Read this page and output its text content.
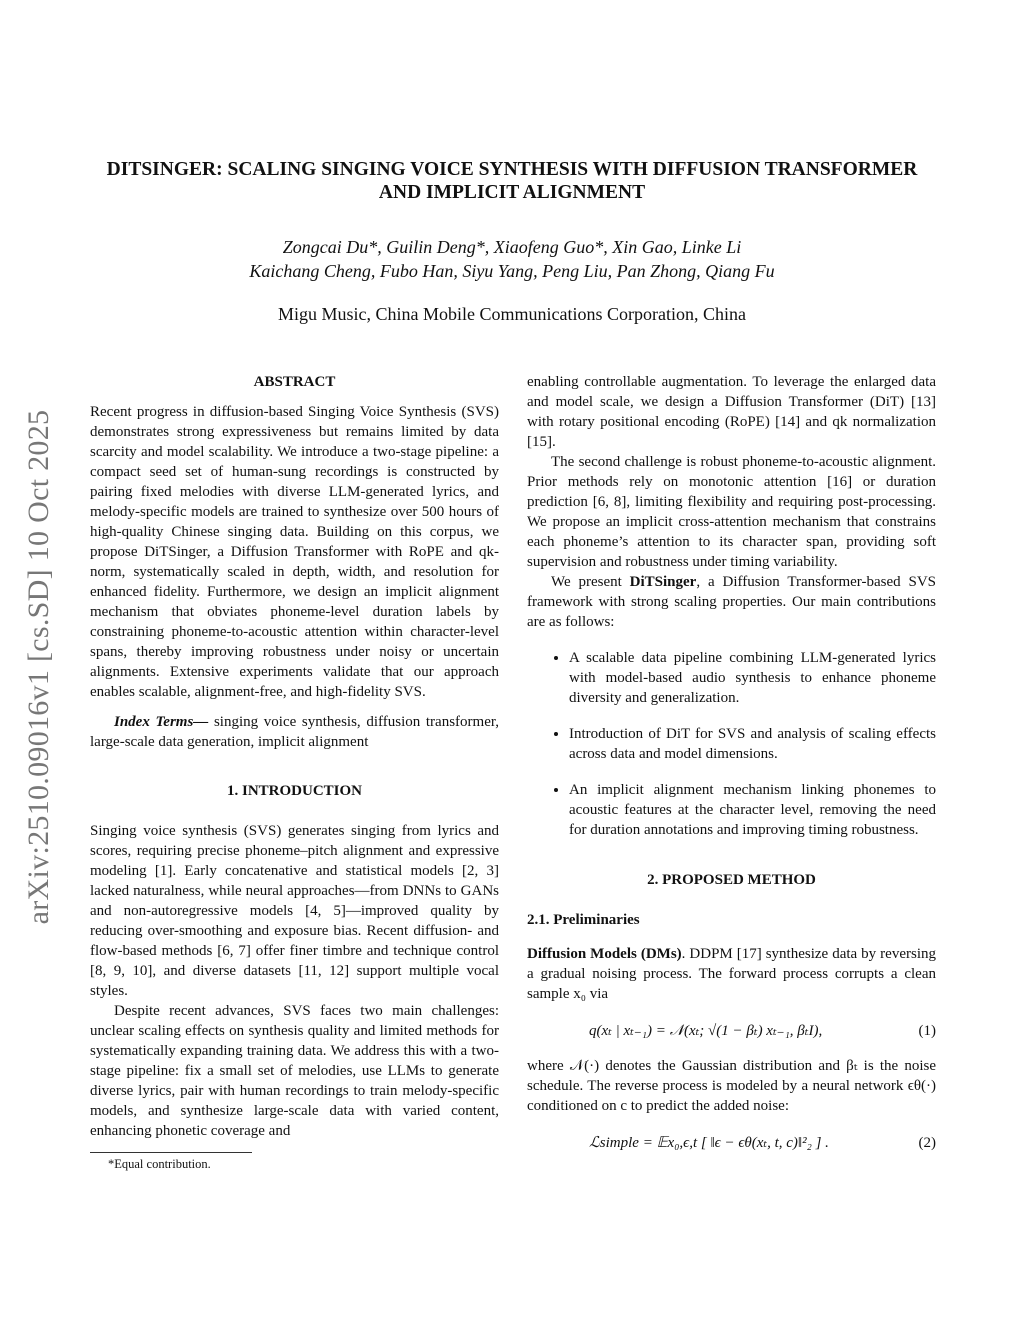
arXiv:2510.09016v1 [cs.SD] 10 Oct 2025
DITSINGER: SCALING SINGING VOICE SYNTHESIS WITH DIFFUSION TRANSFORMER
AND IMPLICIT ALIGNMENT
Zongcai Du*, Guilin Deng*, Xiaofeng Guo*, Xin Gao, Linke Li
Kaichang Cheng, Fubo Han, Siyu Yang, Peng Liu, Pan Zhong, Qiang Fu
Migu Music, China Mobile Communications Corporation, China
ABSTRACT

Recent progress in diffusion-based Singing Voice Synthesis (SVS) demonstrates strong expressiveness but remains limited by data scarcity and model scalability. We introduce a two-stage pipeline: a compact seed set of human-sung recordings is constructed by pairing fixed melodies with diverse LLM-generated lyrics, and melody-specific models are trained to synthesize over 500 hours of high-quality Chinese singing data. Building on this corpus, we propose DiTSinger, a Diffusion Transformer with RoPE and qk-norm, systematically scaled in depth, width, and resolution for enhanced fidelity. Furthermore, we design an implicit alignment mechanism that obviates phoneme-level duration labels by constraining phoneme-to-acoustic attention within character-level spans, thereby improving robustness under noisy or uncertain alignments. Extensive experiments validate that our approach enables scalable, alignment-free, and high-fidelity SVS.

Index Terms— singing voice synthesis, diffusion transformer, large-scale data generation, implicit alignment

1. INTRODUCTION

Singing voice synthesis (SVS) generates singing from lyrics and scores, requiring precise phoneme–pitch alignment and expressive modeling [1]. Early concatenative and statistical models [2, 3] lacked naturalness, while neural approaches—from DNNs to GANs and non-autoregressive models [4, 5]—improved quality by reducing over-smoothing and exposure bias. Recent diffusion- and flow-based methods [6, 7] offer finer timbre and technique control [8, 9, 10], and diverse datasets [11, 12] support multiple vocal styles.

Despite recent advances, SVS faces two main challenges: unclear scaling effects on synthesis quality and limited methods for systematically expanding training data. We address this with a two-stage pipeline: fix a small set of melodies, use LLMs to generate diverse lyrics, pair with human recordings to train melody-specific models, and synthesize large-scale data with varied content, enhancing phonetic coverage and

*Equal contribution.

enabling controllable augmentation. To leverage the enlarged data and model scale, we design a Diffusion Transformer (DiT) [13] with rotary positional encoding (RoPE) [14] and qk normalization [15].

The second challenge is robust phoneme-to-acoustic alignment. Prior methods rely on monotonic attention [16] or duration prediction [6, 8], limiting flexibility and requiring post-processing. We propose an implicit cross-attention mechanism that constrains each phoneme’s attention to its character span, providing soft supervision and robustness under timing variability.

We present DiTSinger, a Diffusion Transformer-based SVS framework with strong scaling properties. Our main contributions are as follows:

• A scalable data pipeline combining LLM-generated lyrics with model-based audio synthesis to enhance phoneme diversity and generalization.
• Introduction of DiT for SVS and analysis of scaling effects across data and model dimensions.
• An implicit alignment mechanism linking phonemes to acoustic features at the character level, removing the need for duration annotations and improving timing robustness.
2. PROPOSED METHOD
2.1. Preliminaries

Diffusion Models (DMs). DDPM [17] synthesize data by reversing a gradual noising process. The forward process corrupts a clean sample x₀ via

q(xₜ | xₜ₋₁) = 𝒩(xₜ; √(1 − βₜ) xₜ₋₁, βₜI),	(1)

where 𝒩(·) denotes the Gaussian distribution and βₜ is the noise schedule. The reverse process is modeled by a neural network ϵθ(·) conditioned on c to predict the added noise:

ℒsimple = 𝔼x₀,ϵ,t [ ‖ϵ − ϵθ(xₜ, t, c)‖²₂ ] .	(2)
